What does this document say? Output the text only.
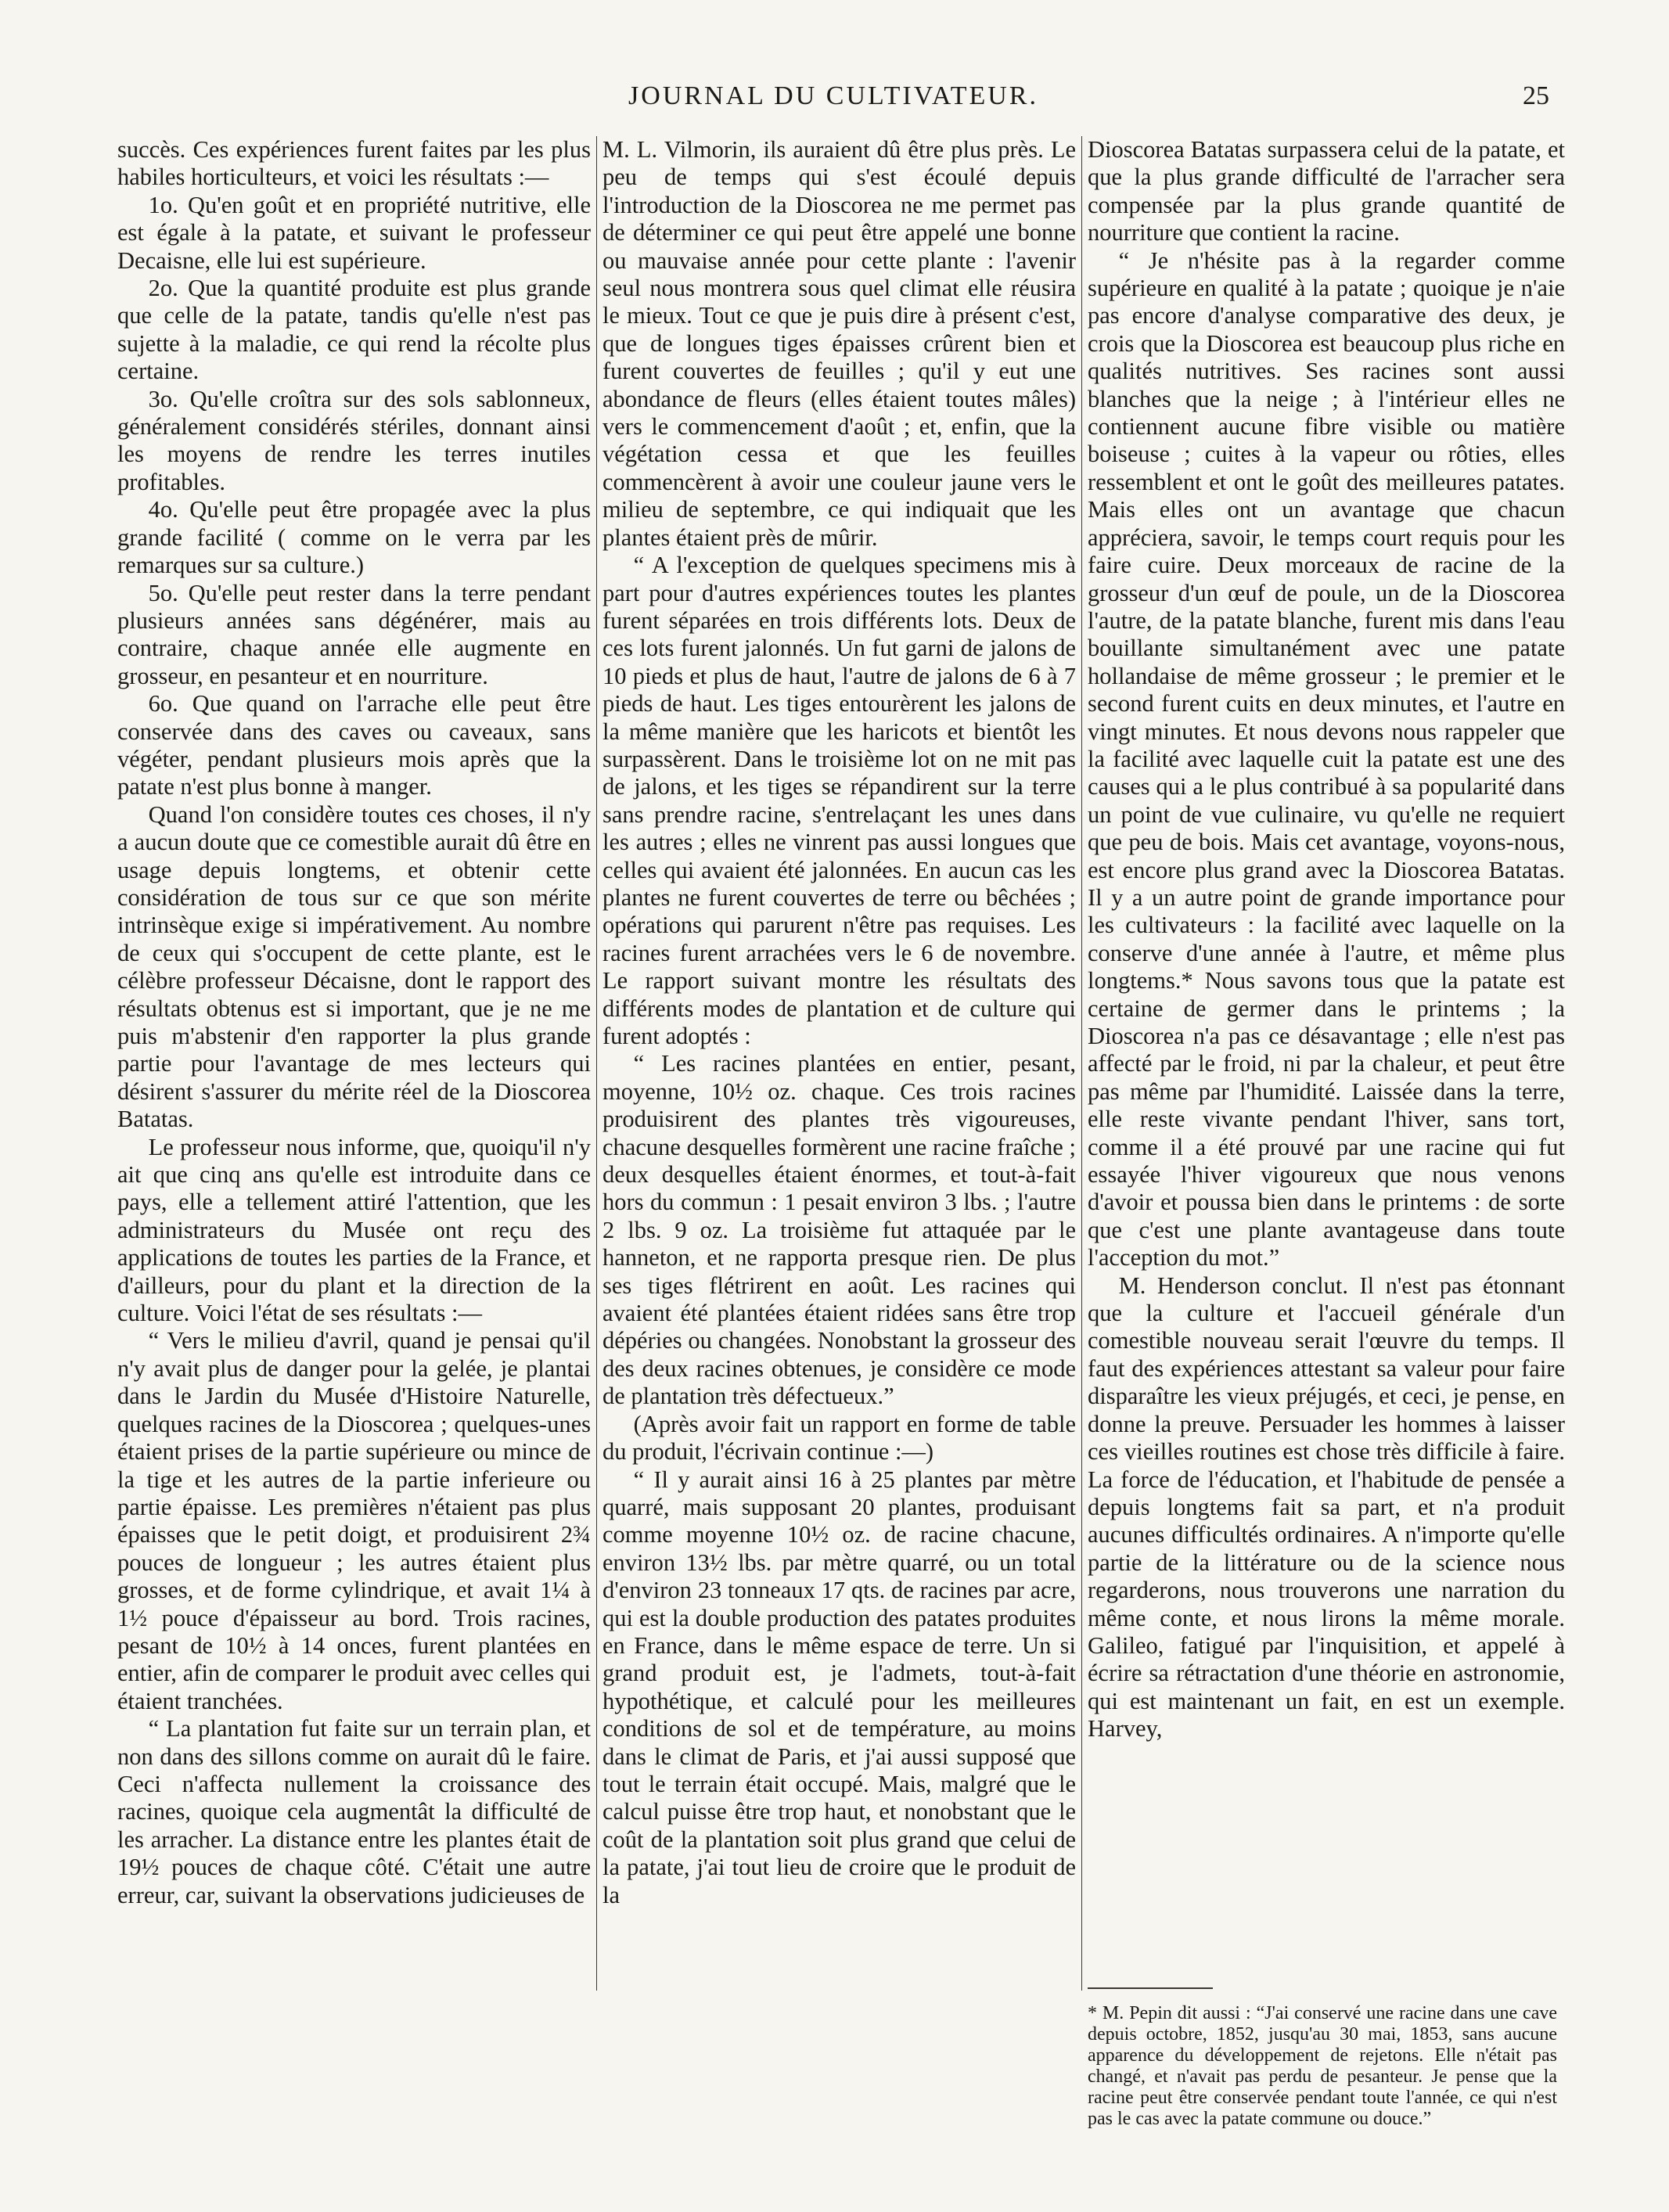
JOURNAL DU CULTIVATEUR.	25

succès. Ces expériences furent faites par les plus habiles horticulteurs, et voici les résultats :—

1o. Qu'en goût et en propriété nutritive, elle est égale à la patate, et suivant le professeur Decaisne, elle lui est supérieure.

2o. Que la quantité produite est plus grande que celle de la patate, tandis qu'elle n'est pas sujette à la maladie, ce qui rend la récolte plus certaine.

3o. Qu'elle croîtra sur des sols sablonneux, généralement considérés stériles, donnant ainsi les moyens de rendre les terres inutiles profitables.

4o. Qu'elle peut être propagée avec la plus grande facilité ( comme on le verra par les remarques sur sa culture.)

5o. Qu'elle peut rester dans la terre pendant plusieurs années sans dégénérer, mais au contraire, chaque année elle augmente en grosseur, en pesanteur et en nourriture.

6o. Que quand on l'arrache elle peut être conservée dans des caves ou caveaux, sans végéter, pendant plusieurs mois après que la patate n'est plus bonne à manger.

Quand l'on considère toutes ces choses, il n'y a aucun doute que ce comestible aurait dû être en usage depuis longtems, et obtenir cette considération de tous sur ce que son mérite intrinsèque exige si impérativement. Au nombre de ceux qui s'occupent de cette plante, est le célèbre professeur Décaisne, dont le rapport des résultats obtenus est si important, que je ne me puis m'abstenir d'en rapporter la plus grande partie pour l'avantage de mes lecteurs qui désirent s'assurer du mérite réel de la Dioscorea Batatas.

Le professeur nous informe, que, quoiqu'il n'y ait que cinq ans qu'elle est introduite dans ce pays, elle a tellement attiré l'attention, que les administrateurs du Musée ont reçu des applications de toutes les parties de la France, et d'ailleurs, pour du plant et la direction de la culture. Voici l'état de ses résultats :—

“ Vers le milieu d'avril, quand je pensai qu'il n'y avait plus de danger pour la gelée, je plantai dans le Jardin du Musée d'Histoire Naturelle, quelques racines de la Dioscorea ; quelques-unes étaient prises de la partie supérieure ou mince de la tige et les autres de la partie inferieure ou partie épaisse. Les premières n'étaient pas plus épaisses que le petit doigt, et produisirent 2¾ pouces de longueur ; les autres étaient plus grosses, et de forme cylindrique, et avait 1¼ à 1½ pouce d'épaisseur au bord. Trois racines, pesant de 10½ à 14 onces, furent plantées en entier, afin de comparer le produit avec celles qui étaient tranchées.

“ La plantation fut faite sur un terrain plan, et non dans des sillons comme on aurait dû le faire. Ceci n'affecta nullement la croissance des racines, quoique cela augmentât la difficulté de les arracher. La distance entre les plantes était de 19½ pouces de chaque côté. C'était une autre erreur, car, suivant la observations judicieuses de

M. L. Vilmorin, ils auraient dû être plus près. Le peu de temps qui s'est écoulé depuis l'introduction de la Dioscorea ne me permet pas de déterminer ce qui peut être appelé une bonne ou mauvaise année pour cette plante : l'avenir seul nous montrera sous quel climat elle réusira le mieux. Tout ce que je puis dire à présent c'est, que de longues tiges épaisses crûrent bien et furent couvertes de feuilles ; qu'il y eut une abondance de fleurs (elles étaient toutes mâles) vers le commencement d'août ; et, enfin, que la végétation cessa et que les feuilles commencèrent à avoir une couleur jaune vers le milieu de septembre, ce qui indiquait que les plantes étaient près de mûrir.

“ A l'exception de quelques specimens mis à part pour d'autres expériences toutes les plantes furent séparées en trois différents lots. Deux de ces lots furent jalonnés. Un fut garni de jalons de 10 pieds et plus de haut, l'autre de jalons de 6 à 7 pieds de haut. Les tiges entourèrent les jalons de la même manière que les haricots et bientôt les surpassèrent. Dans le troisième lot on ne mit pas de jalons, et les tiges se répandirent sur la terre sans prendre racine, s'entrelaçant les unes dans les autres ; elles ne vinrent pas aussi longues que celles qui avaient été jalonnées. En aucun cas les plantes ne furent couvertes de terre ou bêchées ; opérations qui parurent n'être pas requises. Les racines furent arrachées vers le 6 de novembre. Le rapport suivant montre les résultats des différents modes de plantation et de culture qui furent adoptés :

“ Les racines plantées en entier, pesant, moyenne, 10½ oz. chaque. Ces trois racines produisirent des plantes très vigoureuses, chacune desquelles formèrent une racine fraîche ; deux desquelles étaient énormes, et tout-à-fait hors du commun : 1 pesait environ 3 lbs. ; l'autre 2 lbs. 9 oz. La troisième fut attaquée par le hanneton, et ne rapporta presque rien. De plus ses tiges flétrirent en août. Les racines qui avaient été plantées étaient ridées sans être trop dépéries ou changées. Nonobstant la grosseur des des deux racines obtenues, je considère ce mode de plantation très défectueux.”

(Après avoir fait un rapport en forme de table du produit, l'écrivain continue :—)

“ Il y aurait ainsi 16 à 25 plantes par mètre quarré, mais supposant 20 plantes, produisant comme moyenne 10½ oz. de racine chacune, environ 13½ lbs. par mètre quarré, ou un total d'environ 23 tonneaux 17 qts. de racines par acre, qui est la double production des patates produites en France, dans le même espace de terre. Un si grand produit est, je l'admets, tout-à-fait hypothétique, et calculé pour les meilleures conditions de sol et de température, au moins dans le climat de Paris, et j'ai aussi supposé que tout le terrain était occupé. Mais, malgré que le calcul puisse être trop haut, et nonobstant que le coût de la plantation soit plus grand que celui de la patate, j'ai tout lieu de croire que le produit de la

Dioscorea Batatas surpassera celui de la patate, et que la plus grande difficulté de l'arracher sera compensée par la plus grande quantité de nourriture que contient la racine.

“ Je n'hésite pas à la regarder comme supérieure en qualité à la patate ; quoique je n'aie pas encore d'analyse comparative des deux, je crois que la Dioscorea est beaucoup plus riche en qualités nutritives. Ses racines sont aussi blanches que la neige ; à l'intérieur elles ne contiennent aucune fibre visible ou matière boiseuse ; cuites à la vapeur ou rôties, elles ressemblent et ont le goût des meilleures patates. Mais elles ont un avantage que chacun appréciera, savoir, le temps court requis pour les faire cuire. Deux morceaux de racine de la grosseur d'un œuf de poule, un de la Dioscorea l'autre, de la patate blanche, furent mis dans l'eau bouillante simultanément avec une patate hollandaise de même grosseur ; le premier et le second furent cuits en deux minutes, et l'autre en vingt minutes. Et nous devons nous rappeler que la facilité avec laquelle cuit la patate est une des causes qui a le plus contribué à sa popularité dans un point de vue culinaire, vu qu'elle ne requiert que peu de bois. Mais cet avantage, voyons-nous, est encore plus grand avec la Dioscorea Batatas. Il y a un autre point de grande importance pour les cultivateurs : la facilité avec laquelle on la conserve d'une année à l'autre, et même plus longtems.* Nous savons tous que la patate est certaine de germer dans le printems ; la Dioscorea n'a pas ce désavantage ; elle n'est pas affecté par le froid, ni par la chaleur, et peut être pas même par l'humidité. Laissée dans la terre, elle reste vivante pendant l'hiver, sans tort, comme il a été prouvé par une racine qui fut essayée l'hiver vigoureux que nous venons d'avoir et poussa bien dans le printems : de sorte que c'est une plante avantageuse dans toute l'acception du mot.”

M. Henderson conclut. Il n'est pas étonnant que la culture et l'accueil générale d'un comestible nouveau serait l'œuvre du temps. Il faut des expériences attestant sa valeur pour faire disparaître les vieux préjugés, et ceci, je pense, en donne la preuve. Persuader les hommes à laisser ces vieilles routines est chose très difficile à faire. La force de l'éducation, et l'habitude de pensée a depuis longtems fait sa part, et n'a produit aucunes difficultés ordinaires. A n'importe qu'elle partie de la littérature ou de la science nous regarderons, nous trouverons une narration du même conte, et nous lirons la même morale. Galileo, fatigué par l'inquisition, et appelé à écrire sa rétractation d'une théorie en astronomie, qui est maintenant un fait, en est un exemple. Harvey,

* M. Pepin dit aussi : “J'ai conservé une racine dans une cave depuis octobre, 1852, jusqu'au 30 mai, 1853, sans aucune apparence du développement de rejetons. Elle n'était pas changé, et n'avait pas perdu de pesanteur. Je pense que la racine peut être conservée pendant toute l'année, ce qui n'est pas le cas avec la patate commune ou douce.”
